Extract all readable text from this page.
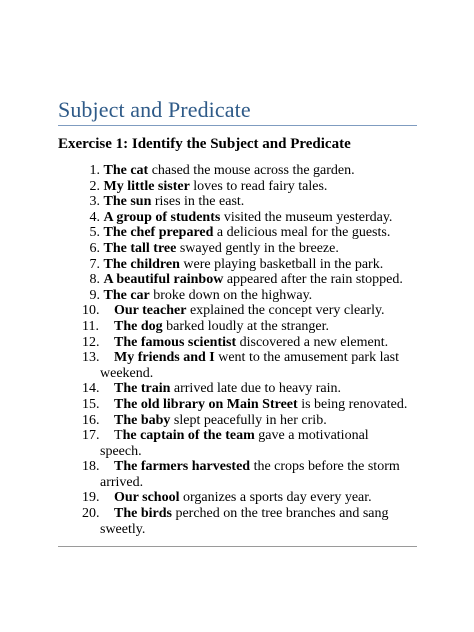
Subject and Predicate
Exercise 1: Identify the Subject and Predicate
1. The cat chased the mouse across the garden.
2. My little sister loves to read fairy tales.
3. The sun rises in the east.
4. A group of students visited the museum yesterday.
5. The chef prepared a delicious meal for the guests.
6. The tall tree swayed gently in the breeze.
7. The children were playing basketball in the park.
8. A beautiful rainbow appeared after the rain stopped.
9. The car broke down on the highway.
10. Our teacher explained the concept very clearly.
11. The dog barked loudly at the stranger.
12. The famous scientist discovered a new element.
13. My friends and I went to the amusement park last
weekend.
14. The train arrived late due to heavy rain.
15. The old library on Main Street is being renovated.
16. The baby slept peacefully in her crib.
17. The captain of the team gave a motivational
speech.
18. The farmers harvested the crops before the storm
arrived.
19. Our school organizes a sports day every year.
20. The birds perched on the tree branches and sang
sweetly.
